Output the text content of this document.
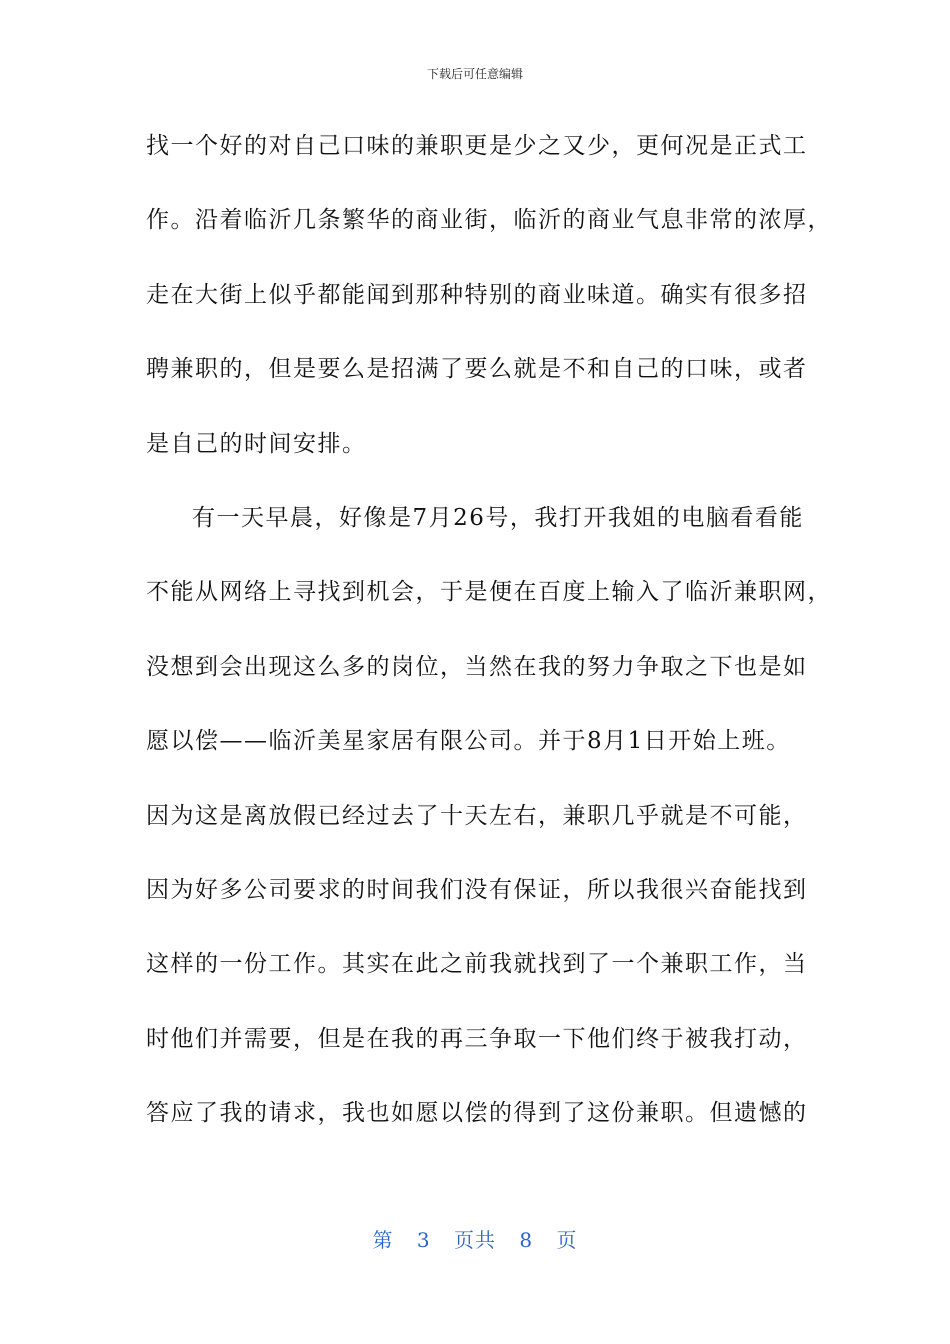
下载后可任意编辑
找一个好的对自己口味的兼职更是少之又少，更何况是正式工
作。沿着临沂几条繁华的商业街，临沂的商业气息非常的浓厚，
走在大街上似乎都能闻到那种特别的商业味道。确实有很多招
聘兼职的，但是要么是招满了要么就是不和自己的口味，或者
是自己的时间安排。
有一天早晨，好像是7月26号，我打开我姐的电脑看看能
不能从网络上寻找到机会，于是便在百度上输入了临沂兼职网，
没想到会出现这么多的岗位，当然在我的努力争取之下也是如
愿以偿——临沂美星家居有限公司。并于8月1日开始上班。
因为这是离放假已经过去了十天左右，兼职几乎就是不可能，
因为好多公司要求的时间我们没有保证，所以我很兴奋能找到
这样的一份工作。其实在此之前我就找到了一个兼职工作，当
时他们并需要，但是在我的再三争取一下他们终于被我打动，
答应了我的请求，我也如愿以偿的得到了这份兼职。但遗憾的
第 3 页共 8 页
